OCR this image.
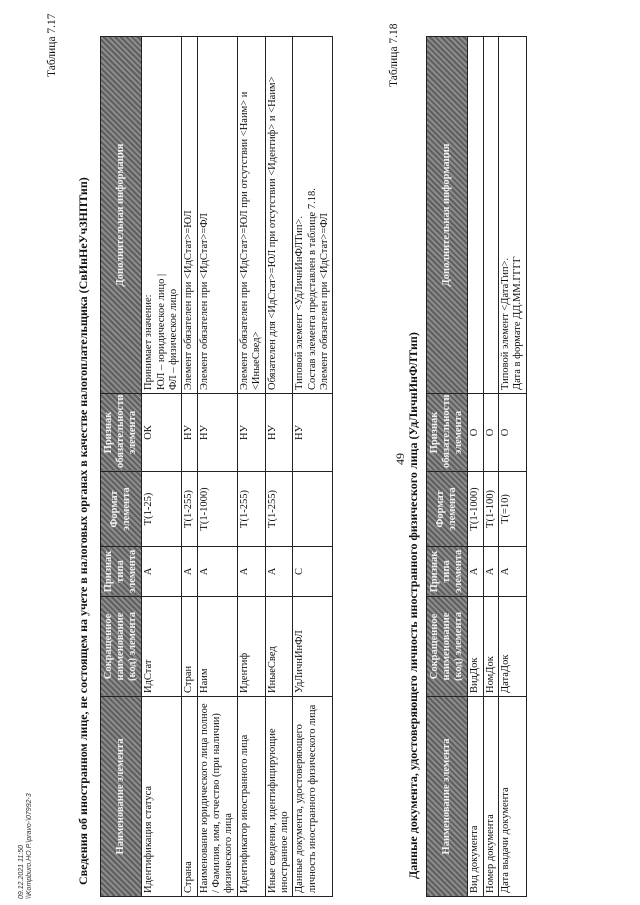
49
Таблица 7.17
Сведения об иностранном лице, не состоящем на учете в налоговых органах в качестве налогоплательщика (СвИнНеУчЗНПТип) Наименование элемента	Сокращенное наименование (код) элемента	Признак типа элемента	Формат элемента	Признак обязательности элемента	Дополнительная информация
Идентификация статуса	ИдСтат	А	T(1-25)	ОК	Принимает значение:
ЮЛ – юридическое лицо |
ФЛ – физическое лицо
Страна	Стран	А	T(1-255)	НУ	Элемент обязателен при <ИдСтат>=ЮЛ
Наименование юридического лица полное / Фамилия, имя, отчество (при наличии) физического лица	Наим	А	T(1-1000)	НУ	Элемент обязателен при <ИдСтат>=ФЛ
Идентификатор иностранного лица	Идентиф	А	T(1-255)	НУ	Элемент обязателен при <ИдСтат>=ЮЛ при отсутствии <Наим> и <ИныеСвед>
Иные сведения, идентифицирующие иностранное лицо	ИныеСвед	А	T(1-255)	НУ	Обязателен для <ИдСтат>=ЮЛ при отсутствии <Идентиф> и <Наим>
Данные документа, удостоверяющего личность иностранного физического лица	УдЛичнИнФЛ	С		НУ	Типовой элемент <УдЛичнИнФЛТип>.
Состав элемента представлен в таблице 7.18.
Элемент обязателен при <ИдСтат>=ФЛ
Таблица 7.18
Данные документа, удостоверяющего личность иностранного физического лица (УдЛичнИнФЛТип) Наименование элемента	Сокращенное наименование (код) элемента	Признак типа элемента	Формат элемента	Признак обязательности элемента	Дополнительная информация
Вид документа	ВидДок	А	T(1-1000)	О	
Номер документа	НомДок	А	T(1-100)	О	
Дата выдачи документа	ДатаДок	А	T(=10)	О	Типовой элемент <ДатаТип>.
Дата в формате ДД.ММ.ГГГГ
09.12.2021 11:50 \\Kompburo.HO.P.\pravo-\07992-3
